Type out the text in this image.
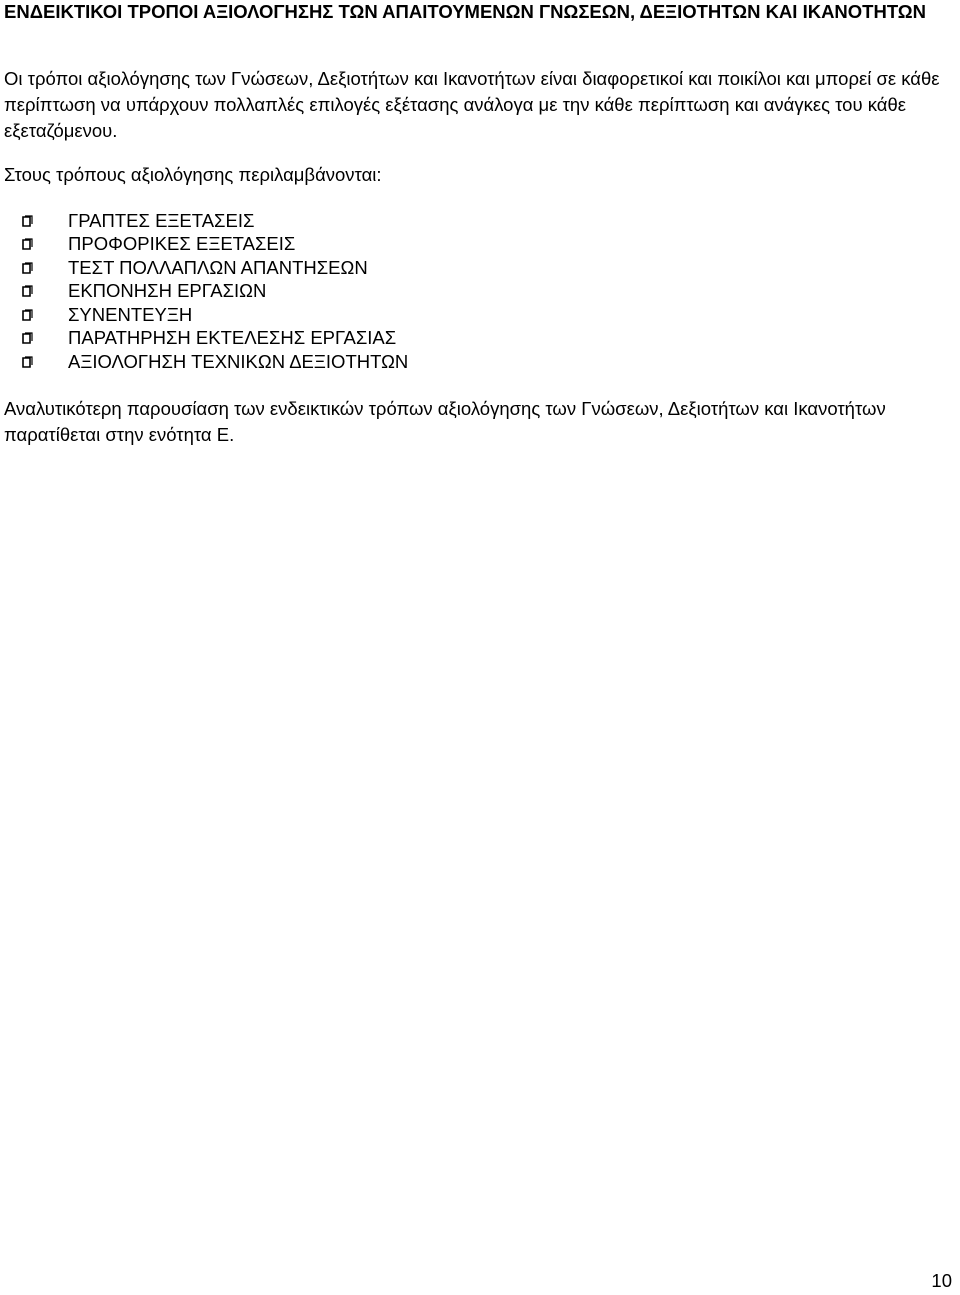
ΕΝΔΕΙΚΤΙΚΟΙ ΤΡΟΠΟΙ ΑΞΙΟΛΟΓΗΣΗΣ ΤΩΝ ΑΠΑΙΤΟΥΜΕΝΩΝ ΓΝΩΣΕΩΝ, ΔΕΞΙΟΤΗΤΩΝ ΚΑΙ ΙΚΑΝΟΤΗΤΩΝ

Οι τρόποι αξιολόγησης των Γνώσεων, Δεξιοτήτων και Ικανοτήτων είναι διαφορετικοί και ποικίλοι και μπορεί σε κάθε περίπτωση να υπάρχουν πολλαπλές επιλογές εξέτασης ανάλογα με την κάθε περίπτωση και ανάγκες του κάθε εξεταζόμενου.

Στους τρόπους αξιολόγησης περιλαμβάνονται:

ΓΡΑΠΤΕΣ ΕΞΕΤΑΣΕΙΣ
ΠΡΟΦΟΡΙΚΕΣ ΕΞΕΤΑΣΕΙΣ
ΤΕΣΤ ΠΟΛΛΑΠΛΩΝ ΑΠΑΝΤΗΣΕΩΝ
ΕΚΠΟΝΗΣΗ ΕΡΓΑΣΙΩΝ
ΣΥΝΕΝΤΕΥΞΗ
ΠΑΡΑΤΗΡΗΣΗ ΕΚΤΕΛΕΣΗΣ ΕΡΓΑΣΙΑΣ
ΑΞΙΟΛΟΓΗΣΗ ΤΕΧΝΙΚΩΝ ΔΕΞΙΟΤΗΤΩΝ

Αναλυτικότερη παρουσίαση των ενδεικτικών τρόπων αξιολόγησης των Γνώσεων, Δεξιοτήτων και Ικανοτήτων παρατίθεται στην ενότητα Ε.

10
